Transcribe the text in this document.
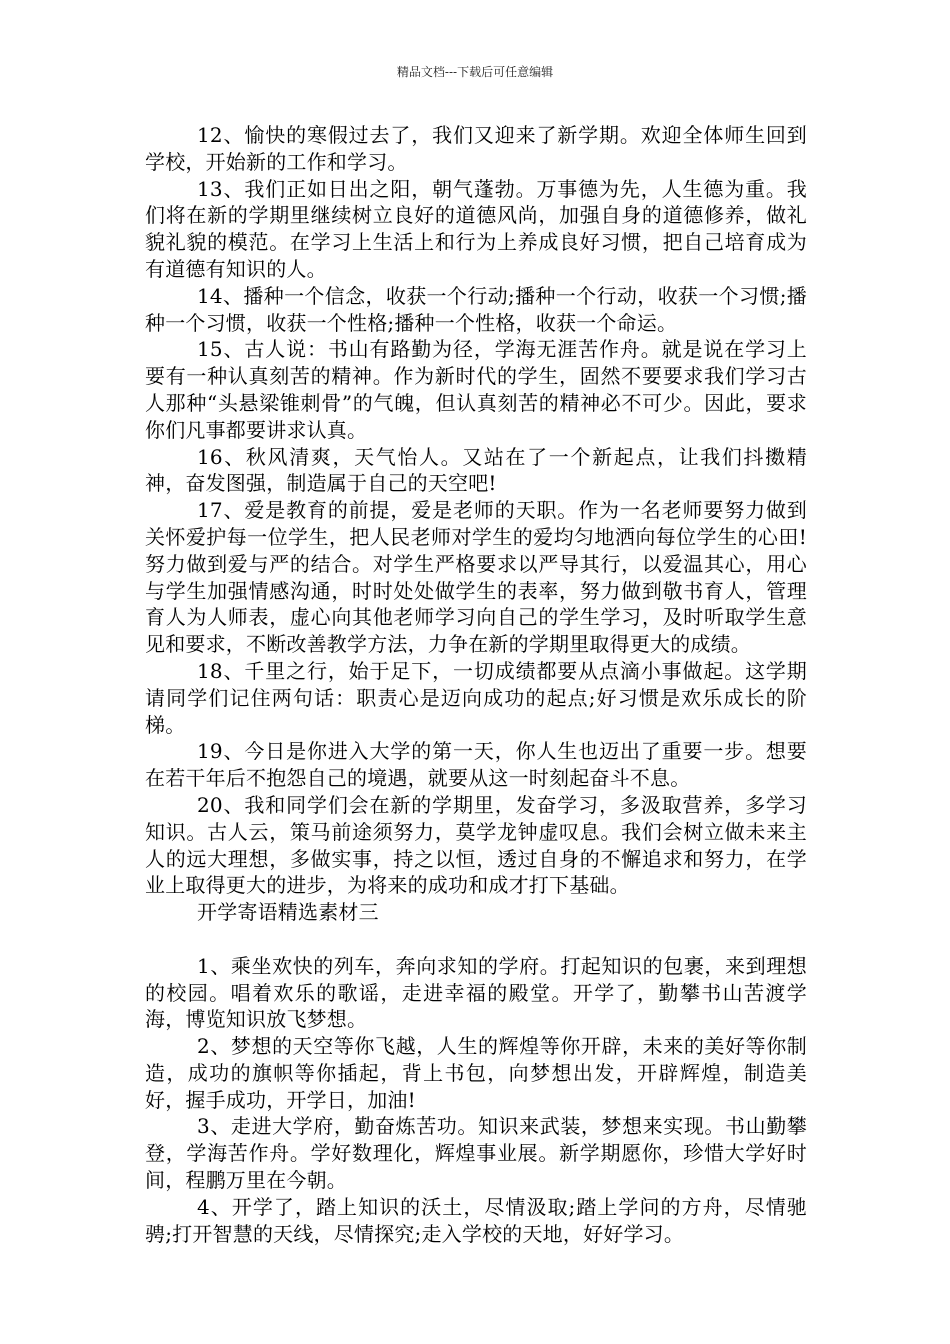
精品文档---下载后可任意编辑

12、愉快的寒假过去了，我们又迎来了新学期。欢迎全体师生回到学校，开始新的工作和学习。

13、我们正如日出之阳，朝气蓬勃。万事德为先，人生德为重。我们将在新的学期里继续树立良好的道德风尚，加强自身的道德修养，做礼貌礼貌的模范。在学习上生活上和行为上养成良好习惯，把自己培育成为有道德有知识的人。

14、播种一个信念，收获一个行动;播种一个行动，收获一个习惯;播种一个习惯，收获一个性格;播种一个性格，收获一个命运。

15、古人说：书山有路勤为径，学海无涯苦作舟。就是说在学习上要有一种认真刻苦的精神。作为新时代的学生，固然不要要求我们学习古人那种“头悬梁锥刺骨”的气魄，但认真刻苦的精神必不可少。因此，要求你们凡事都要讲求认真。

16、秋风清爽，天气怡人。又站在了一个新起点，让我们抖擞精神，奋发图强，制造属于自己的天空吧!

17、爱是教育的前提，爱是老师的天职。作为一名老师要努力做到关怀爱护每一位学生，把人民老师对学生的爱均匀地洒向每位学生的心田!努力做到爱与严的结合。对学生严格要求以严导其行，以爱温其心，用心与学生加强情感沟通，时时处处做学生的表率，努力做到敬书育人，管理育人为人师表，虚心向其他老师学习向自己的学生学习，及时听取学生意见和要求，不断改善教学方法，力争在新的学期里取得更大的成绩。

18、千里之行，始于足下，一切成绩都要从点滴小事做起。这学期请同学们记住两句话：职责心是迈向成功的起点;好习惯是欢乐成长的阶梯。

19、今日是你进入大学的第一天，你人生也迈出了重要一步。想要在若干年后不抱怨自己的境遇，就要从这一时刻起奋斗不息。

20、我和同学们会在新的学期里，发奋学习，多汲取营养，多学习知识。古人云，策马前途须努力，莫学龙钟虚叹息。我们会树立做未来主人的远大理想，多做实事，持之以恒，透过自身的不懈追求和努力，在学业上取得更大的进步，为将来的成功和成才打下基础。

开学寄语精选素材三

1、乘坐欢快的列车，奔向求知的学府。打起知识的包裹，来到理想的校园。唱着欢乐的歌谣，走进幸福的殿堂。开学了，勤攀书山苦渡学海，博览知识放飞梦想。

2、梦想的天空等你飞越，人生的辉煌等你开辟，未来的美好等你制造，成功的旗帜等你插起，背上书包，向梦想出发，开辟辉煌，制造美好，握手成功，开学日，加油!

3、走进大学府，勤奋炼苦功。知识来武装，梦想来实现。书山勤攀登，学海苦作舟。学好数理化，辉煌事业展。新学期愿你，珍惜大学好时间，程鹏万里在今朝。

4、开学了，踏上知识的沃土，尽情汲取;踏上学问的方舟，尽情驰骋;打开智慧的天线，尽情探究;走入学校的天地，好好学习。
